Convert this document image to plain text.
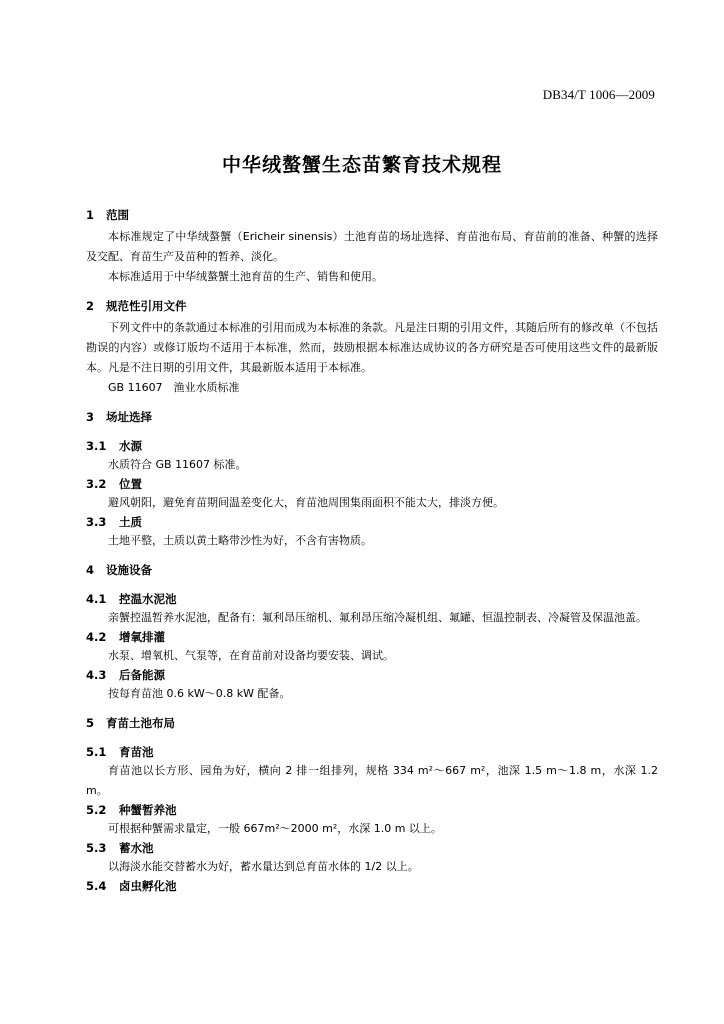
DB34/T 1006—2009
中华绒螯蟹生态苗繁育技术规程
1 范围

本标准规定了中华绒螯蟹（Ericheir sinensis）土池育苗的场址选择、育苗池布局、育苗前的准备、种蟹的选择及交配、育苗生产及苗种的暂养、淡化。

本标准适用于中华绒螯蟹土池育苗的生产、销售和使用。

2 规范性引用文件

下列文件中的条款通过本标准的引用而成为本标准的条款。凡是注日期的引用文件，其随后所有的修改单（不包括勘误的内容）或修订版均不适用于本标准，然而，鼓励根据本标准达成协议的各方研究是否可使用这些文件的最新版本。凡是不注日期的引用文件，其最新版本适用于本标准。

GB 11607　渔业水质标准

3 场址选择
3.1 水源

水质符合 GB 11607 标准。

3.2 位置

避风朝阳，避免育苗期间温差变化大，育苗池周围集雨面积不能太大，排淡方便。

3.3 土质

土地平整，土质以黄土略带沙性为好，不含有害物质。

4 设施设备
4.1 控温水泥池

亲蟹控温暂养水泥池，配备有：氟利昂压缩机、氟利昂压缩冷凝机组、氟罐、恒温控制表、冷凝管及保温池盖。

4.2 增氧排灌

水泵、增氧机、气泵等，在育苗前对设备均要安装、调试。

4.3 后备能源

按每育苗池 0.6 kW～0.8 kW 配备。

5 育苗土池布局
5.1 育苗池

育苗池以长方形、园角为好，横向 2 排一组排列，规格 334 m²～667 m²，池深 1.5 m～1.8 m，水深 1.2 m。

5.2 种蟹暂养池

可根据种蟹需求量定，一般 667m²～2000 m²，水深 1.0 m 以上。

5.3 蓄水池

以海淡水能交替蓄水为好，蓄水量达到总育苗水体的 1/2 以上。

5.4 卤虫孵化池
